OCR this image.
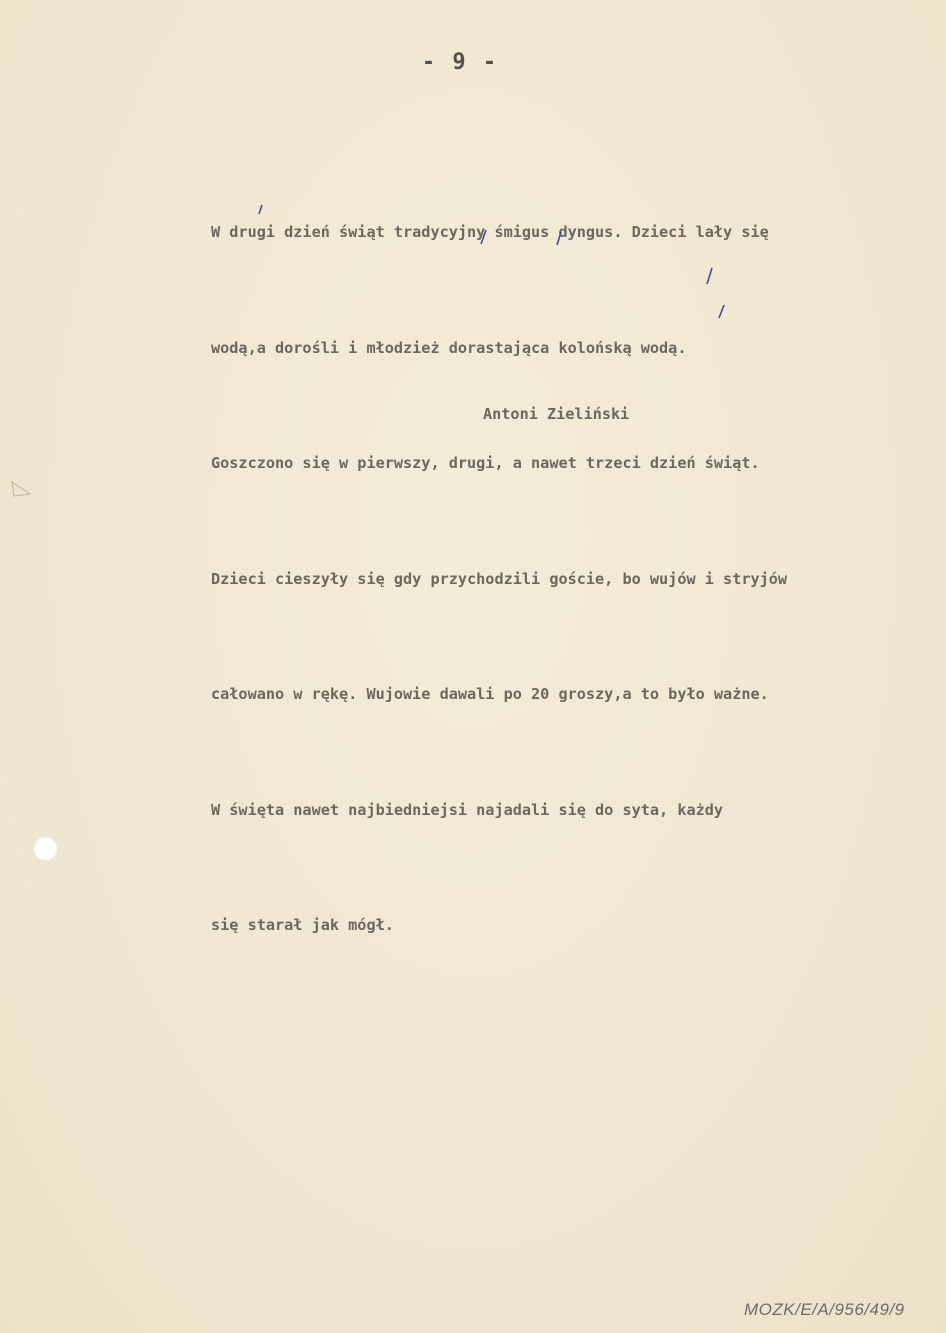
- 9 -

W drugi dzień świąt tradycyjny śmigus dyngus. Dzieci lały się

wodą,a dorośli i młodzież dorastająca kolońską wodą.

Goszczono się w pierwszy, drugi, a nawet trzeci dzień świąt.

Dzieci cieszyły się gdy przychodzili goście, bo wujów i stryjów

całowano w rękę. Wujowie dawali po 20 groszy,a to było ważne.

W święta nawet najbiedniejsi najadali się do syta, każdy

się starał jak mógł.

Antoni Zieliński
MOZK/E/A/956/49/9
